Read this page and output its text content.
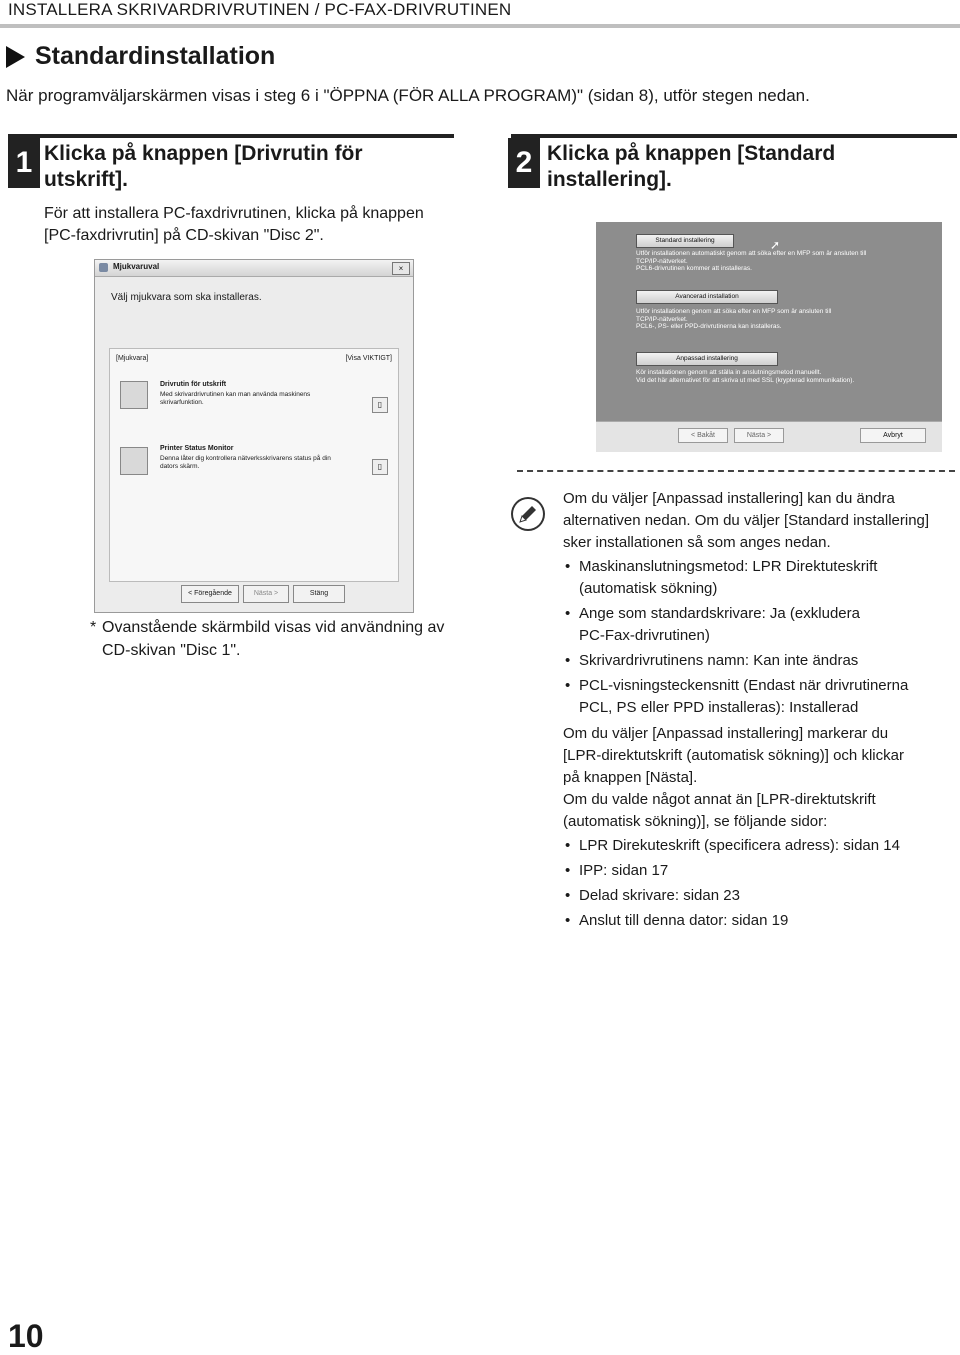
INSTALLERA SKRIVARDRIVRUTINEN / PC-FAX-DRIVRUTINEN
Standardinstallation
När programväljarskärmen visas i steg 6 i "ÖPPNA (FÖR ALLA PROGRAM)" (sidan 8), utför stegen nedan.
1 Klicka på knappen [Drivrutin för
utskrift].
För att installera PC-faxdrivrutinen, klicka på knappen
[PC-faxdrivrutin] på CD-skivan "Disc 2".
Mjukvaruval	×
Välj mjukvara som ska installeras.
[Mjukvara]	[Visa VIKTIGT]
Drivrutin för utskrift
Med skrivardrivrutinen kan man använda maskinens skrivarfunktion.	▯
Printer Status Monitor
Denna låter dig kontrollera nätverksskrivarens status på din dators skärm.	▯
< Föregående	Nästa >	Stäng
* Ovanstående skärmbild visas vid användning av
CD-skivan "Disc 1".
2 Klicka på knappen [Standard
installering].
Standard installering	➚
Utför installationen automatiskt genom att söka efter en MFP som är ansluten till
TCP/IP-nätverket.
PCL6-drivrutinen kommer att installeras.
Avancerad installation
Utför installationen genom att söka efter en MFP som är ansluten till
TCP/IP-nätverket.
PCL6-, PS- eller PPD-drivrutinerna kan installeras.
Anpassad installering
Kör installationen genom att ställa in anslutningsmetod manuellt.
Vid det här alternativet för att skriva ut med SSL (krypterad kommunikation).
< Bakåt	Nästa >	Avbryt

Om du väljer [Anpassad installering] kan du ändra

alternativen nedan. Om du väljer [Standard installering]

sker installationen så som anges nedan.

• Maskinanslutningsmetod: LPR Direktuteskrift
(automatisk sökning)
• Ange som standardskrivare: Ja (exkludera
PC-Fax-drivrutinen)
• Skrivardrivrutinens namn: Kan inte ändras
• PCL-visningsteckensnitt (Endast när drivrutinerna
PCL, PS eller PPD installeras): Installerad

Om du väljer [Anpassad installering] markerar du

[LPR-direktutskrift (automatisk sökning)] och klickar

på knappen [Nästa].

Om du valde något annat än [LPR-direktutskrift

(automatisk sökning)], se följande sidor:

• LPR Direkuteskrift (specificera adress): sidan 14
• IPP: sidan 17
• Delad skrivare: sidan 23
• Anslut till denna dator: sidan 19
10
